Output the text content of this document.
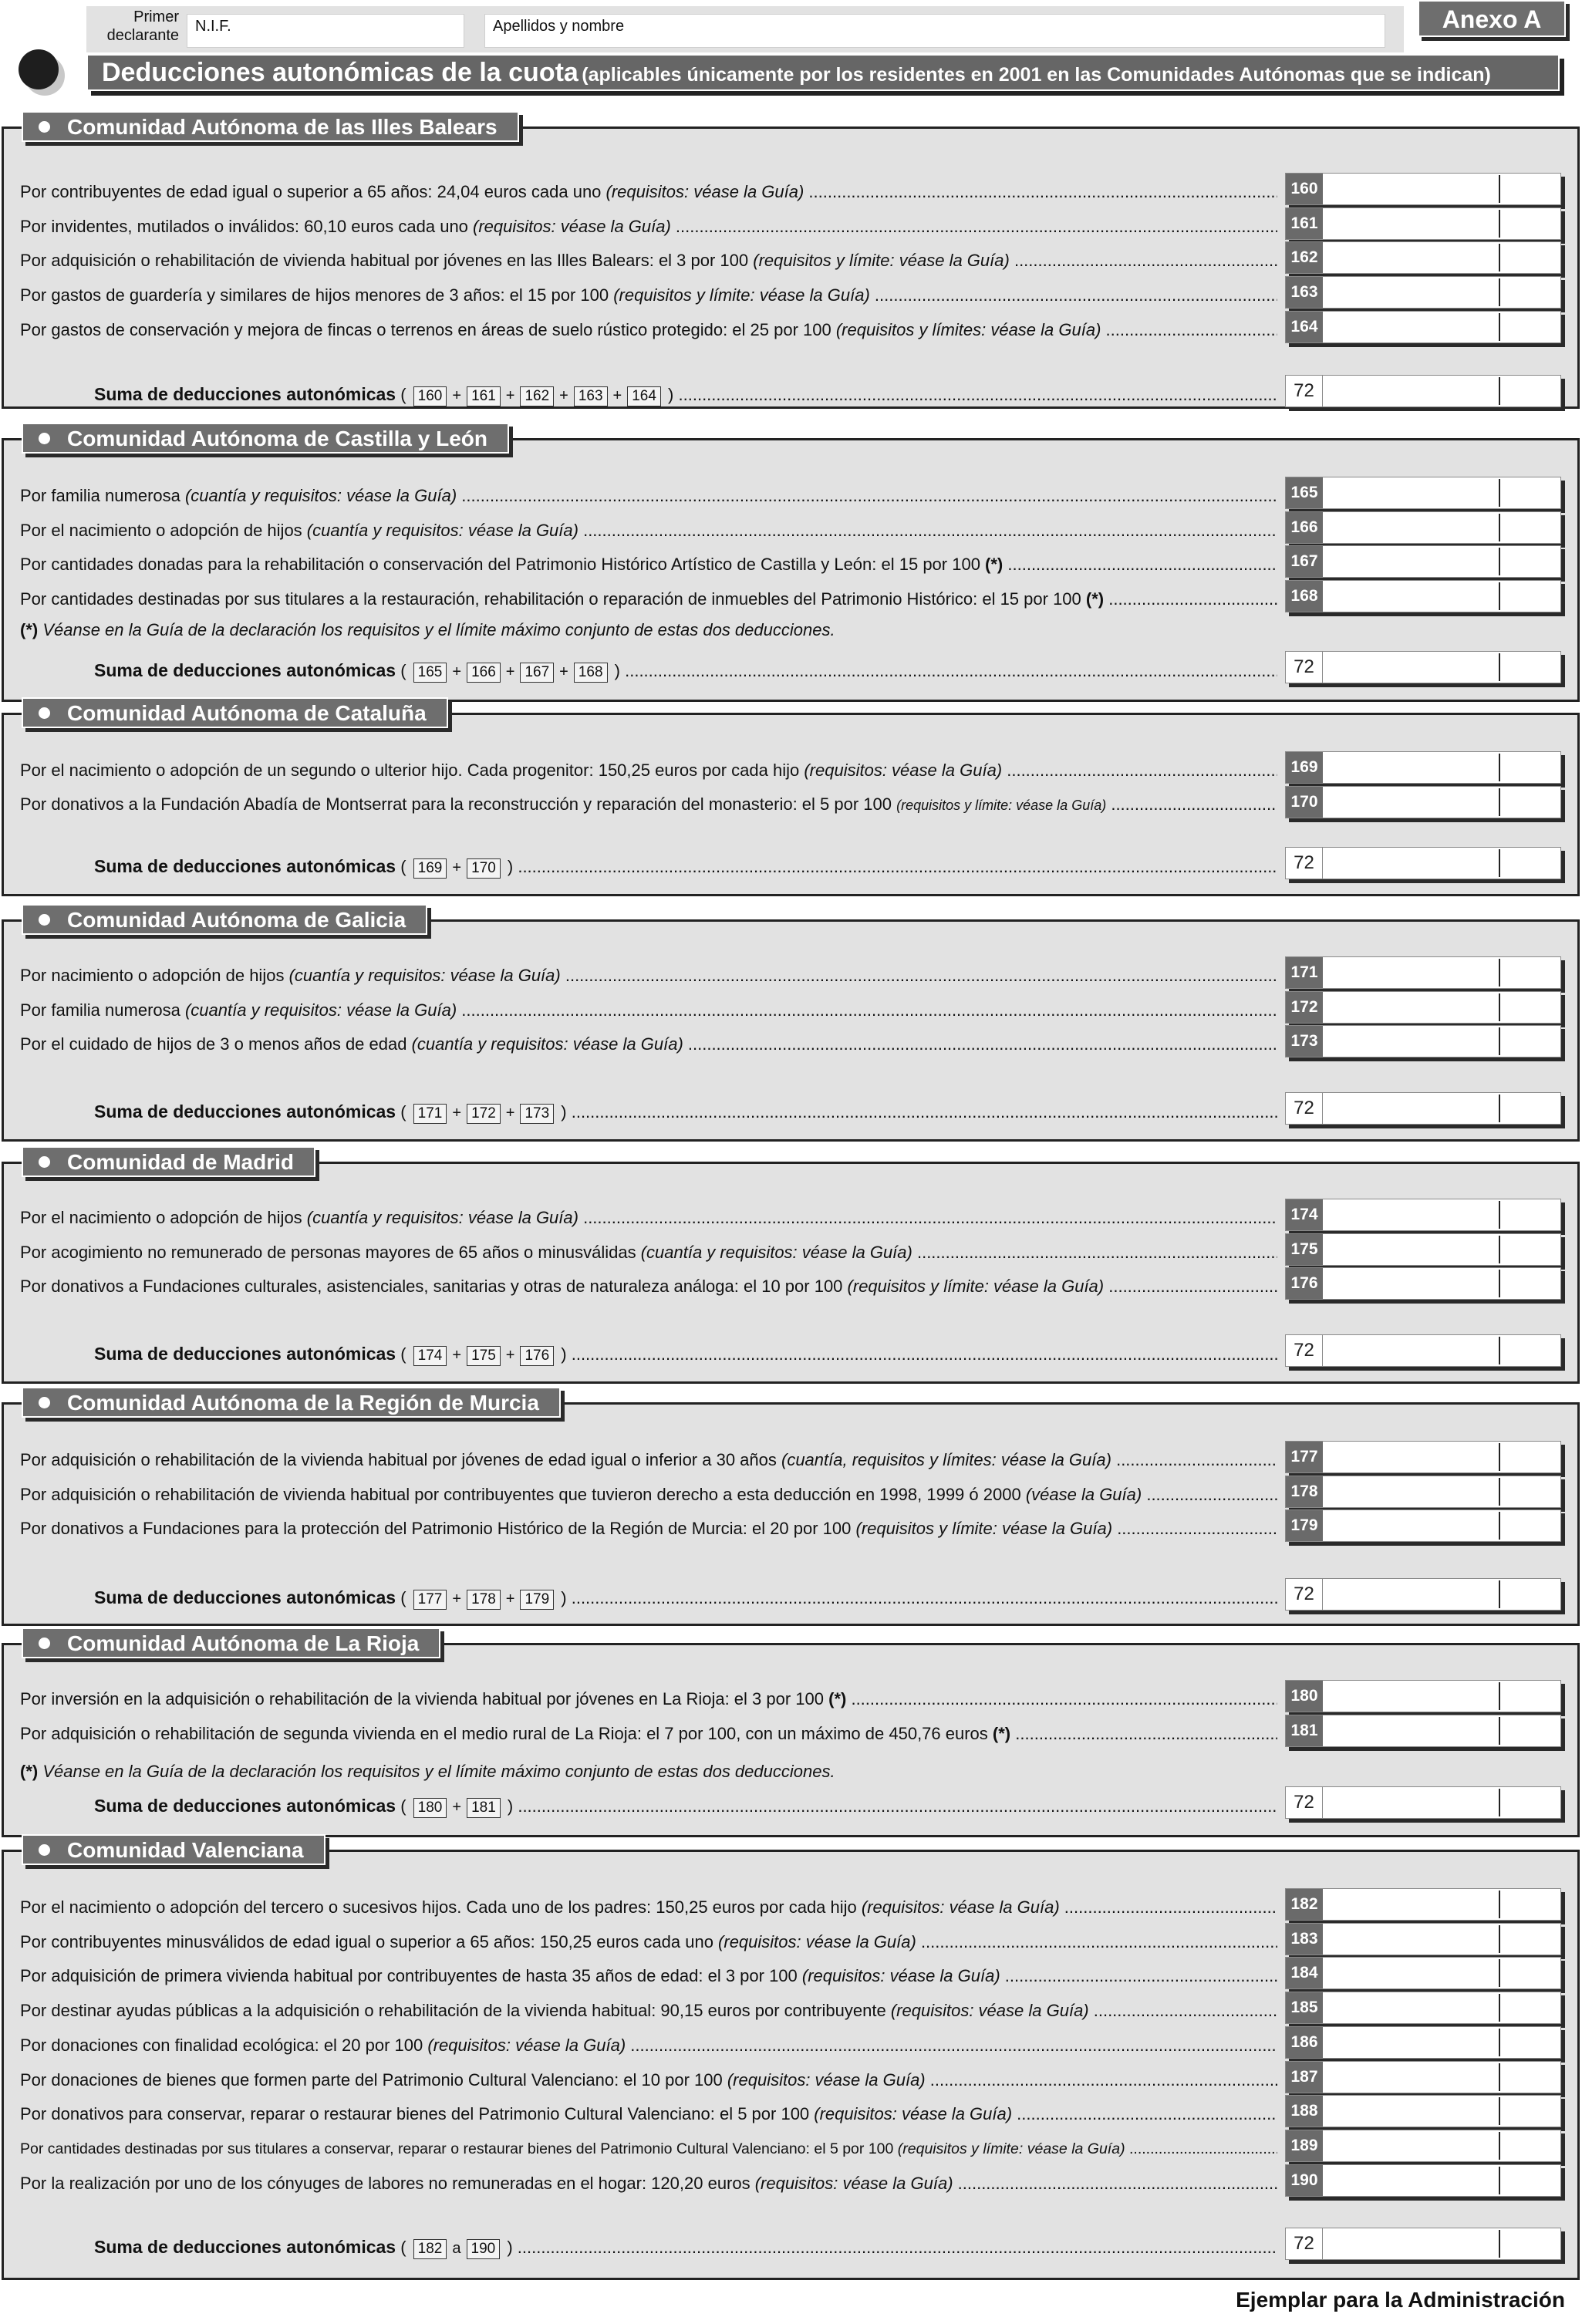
Primer
declarante
N.I.F.	Apellidos y nombre	Anexo A
Deducciones autonómicas de la cuota (aplicables únicamente por los residentes en 2001 en las Comunidades Autónomas que se indican)
Comunidad Autónoma de las Illes Balears
Por contribuyentes de edad igual o superior a 65 años: 24,04 euros cada uno (requisitos: véase la Guía) .....	160
Por invidentes, mutilados o inválidos: 60,10 euros cada uno (requisitos: véase la Guía) .....	161
Por adquisición o rehabilitación de vivienda habitual por jóvenes en las Illes Balears: el 3 por 100 (requisitos y límite: véase la Guía) .....	162
Por gastos de guardería y similares de hijos menores de 3 años: el 15 por 100 (requisitos y límite: véase la Guía) .....	163
Por gastos de conservación y mejora de fincas o terrenos en áreas de suelo rústico protegido: el 25 por 100 (requisitos y límites: véase la Guía) .....	164
Suma de deducciones autonómicas ( 160 + 161 + 162 + 163 + 164 ) .....	72
Comunidad Autónoma de Castilla y León
Por familia numerosa (cuantía y requisitos: véase la Guía) .....	165
Por el nacimiento o adopción de hijos (cuantía y requisitos: véase la Guía) .....	166
Por cantidades donadas para la rehabilitación o conservación del Patrimonio Histórico Artístico de Castilla y León: el 15 por 100 (*) .....	167
Por cantidades destinadas por sus titulares a la restauración, rehabilitación o reparación de inmuebles del Patrimonio Histórico: el 15 por 100 (*) .....	168
(*) Véanse en la Guía de la declaración los requisitos y el límite máximo conjunto de estas dos deducciones.
Suma de deducciones autonómicas ( 165 + 166 + 167 + 168 ) .....	72
Comunidad Autónoma de Cataluña
Por el nacimiento o adopción de un segundo o ulterior hijo. Cada progenitor: 150,25 euros por cada hijo (requisitos: véase la Guía) .....	169
Por donativos a la Fundación Abadía de Montserrat para la reconstrucción y reparación del monasterio: el 5 por 100 (requisitos y límite: véase la Guía) .....	170
Suma de deducciones autonómicas ( 169 + 170 ) .....	72
Comunidad Autónoma de Galicia
Por nacimiento o adopción de hijos (cuantía y requisitos: véase la Guía) .....	171
Por familia numerosa (cuantía y requisitos: véase la Guía) .....	172
Por el cuidado de hijos de 3 o menos años de edad (cuantía y requisitos: véase la Guía) .....	173
Suma de deducciones autonómicas ( 171 + 172 + 173 ) .....	72
Comunidad de Madrid
Por el nacimiento o adopción de hijos (cuantía y requisitos: véase la Guía) .....	174
Por acogimiento no remunerado de personas mayores de 65 años o minusválidas (cuantía y requisitos: véase la Guía) .....	175
Por donativos a Fundaciones culturales, asistenciales, sanitarias y otras de naturaleza análoga: el 10 por 100 (requisitos y límite: véase la Guía) .....	176
Suma de deducciones autonómicas ( 174 + 175 + 176 ) .....	72
Comunidad Autónoma de la Región de Murcia
Por adquisición o rehabilitación de la vivienda habitual por jóvenes de edad igual o inferior a 30 años (cuantía, requisitos y límites: véase la Guía) .....	177
Por adquisición o rehabilitación de vivienda habitual por contribuyentes que tuvieron derecho a esta deducción en 1998, 1999 ó 2000 (véase la Guía) .....	178
Por donativos a Fundaciones para la protección del Patrimonio Histórico de la Región de Murcia: el 20 por 100 (requisitos y límite: véase la Guía) .....	179
Suma de deducciones autonómicas ( 177 + 178 + 179 ) .....	72
Comunidad Autónoma de La Rioja
Por inversión en la adquisición o rehabilitación de la vivienda habitual por jóvenes en La Rioja: el 3 por 100 (*) .....	180
Por adquisición o rehabilitación de segunda vivienda en el medio rural de La Rioja: el 7 por 100, con un máximo de 450,76 euros (*) .....	181
(*) Véanse en la Guía de la declaración los requisitos y el límite máximo conjunto de estas dos deducciones.
Suma de deducciones autonómicas ( 180 + 181 ) .....	72
Comunidad Valenciana
Por el nacimiento o adopción del tercero o sucesivos hijos. Cada uno de los padres: 150,25 euros por cada hijo (requisitos: véase la Guía) .....	182
Por contribuyentes minusválidos de edad igual o superior a 65 años: 150,25 euros cada uno (requisitos: véase la Guía) .....	183
Por adquisición de primera vivienda habitual por contribuyentes de hasta 35 años de edad: el 3 por 100 (requisitos: véase la Guía) .....	184
Por destinar ayudas públicas a la adquisición o rehabilitación de la vivienda habitual: 90,15 euros por contribuyente (requisitos: véase la Guía) .....	185
Por donaciones con finalidad ecológica: el 20 por 100 (requisitos: véase la Guía) .....	186
Por donaciones de bienes que formen parte del Patrimonio Cultural Valenciano: el 10 por 100 (requisitos: véase la Guía) .....	187
Por donativos para conservar, reparar o restaurar bienes del Patrimonio Cultural Valenciano: el 5 por 100 (requisitos: véase la Guía) .....	188
Por cantidades destinadas por sus titulares a conservar, reparar o restaurar bienes del Patrimonio Cultural Valenciano: el 5 por 100 (requisitos y límite: véase la Guía) .....	189
Por la realización por uno de los cónyuges de labores no remuneradas en el hogar: 120,20 euros (requisitos: véase la Guía) .....	190
Suma de deducciones autonómicas ( 182 a 190 ) .....	72
Ejemplar para la Administración
